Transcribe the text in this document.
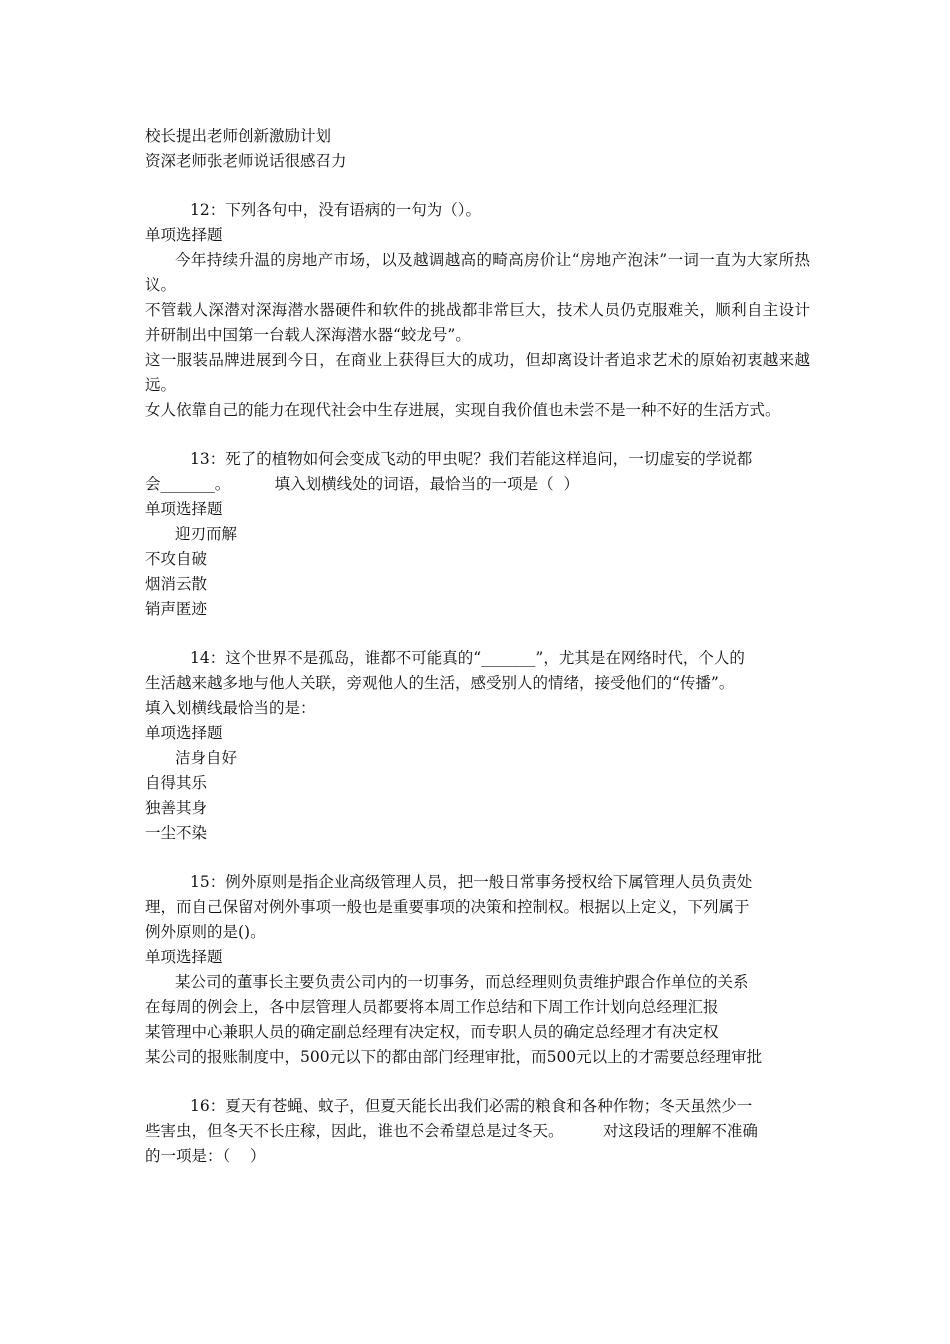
校长提出老师创新激励计划
资深老师张老师说话很感召力
12：下列各句中，没有语病的一句为（）。
单项选择题
今年持续升温的房地产市场，以及越调越高的畸高房价让“房地产泡沫”一词一直为大家所热议。
不管载人深潜对深海潜水器硬件和软件的挑战都非常巨大，技术人员仍克服难关，顺利自主设计并研制出中国第一台载人深海潜水器“蛟龙号”。
这一服装品牌进展到今日，在商业上获得巨大的成功，但却离设计者追求艺术的原始初衷越来越远。
女人依靠自己的能力在现代社会中生存进展，实现自我价值也未尝不是一种不好的生活方式。
13：死了的植物如何会变成飞动的甲虫呢？我们若能这样追问，一切虚妄的学说都
会_______。         填入划横线处的词语，最恰当的一项是（  ）
单项选择题
迎刃而解
不攻自破
烟消云散
销声匿迹
14：这个世界不是孤岛，谁都不可能真的“_______”，尤其是在网络时代，个人的
生活越来越多地与他人关联，旁观他人的生活，感受别人的情绪，接受他们的“传播”。
填入划横线最恰当的是：
单项选择题
洁身自好
自得其乐
独善其身
一尘不染
15：例外原则是指企业高级管理人员，把一般日常事务授权给下属管理人员负责处
理，而自己保留对例外事项一般也是重要事项的决策和控制权。根据以上定义，下列属于
例外原则的是()。
单项选择题
某公司的董事长主要负责公司内的一切事务，而总经理则负责维护跟合作单位的关系
在每周的例会上，各中层管理人员都要将本周工作总结和下周工作计划向总经理汇报
某管理中心兼职人员的确定副总经理有决定权，而专职人员的确定总经理才有决定权
某公司的报账制度中，500元以下的都由部门经理审批，而500元以上的才需要总经理审批
16：夏天有苍蝇、蚊子，但夏天能长出我们必需的粮食和各种作物；冬天虽然少一
些害虫，但冬天不长庄稼，因此，谁也不会希望总是过冬天。        对这段话的理解不准确
的一项是：（    ）
